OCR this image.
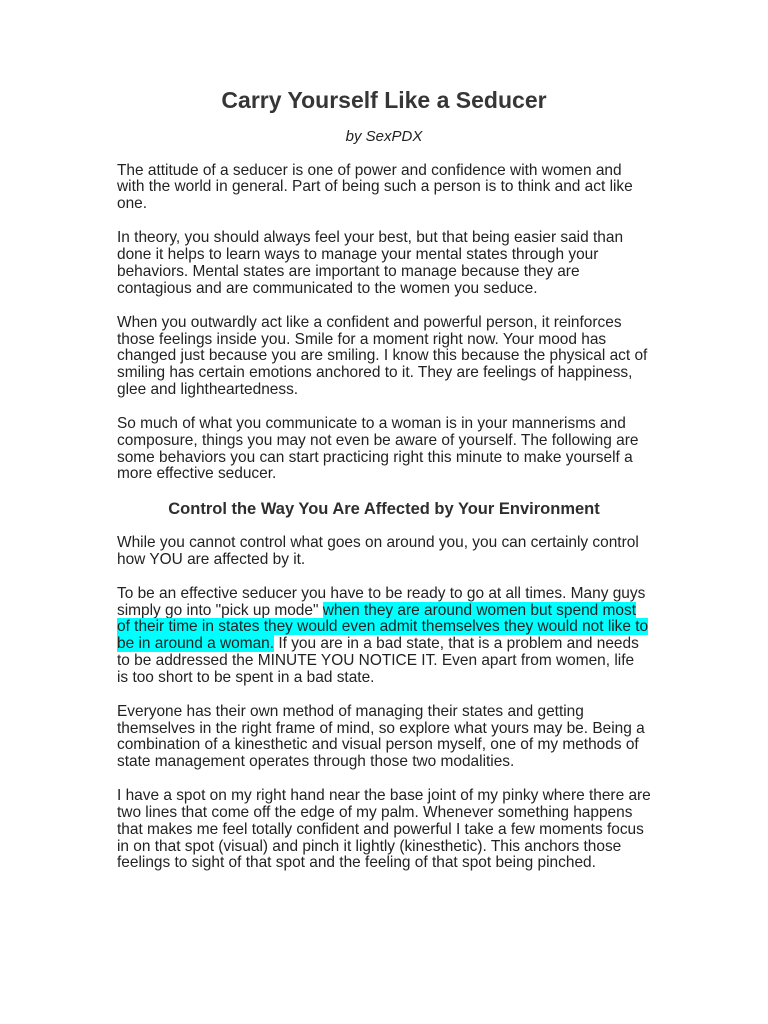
Carry Yourself Like a Seducer
by SexPDX
The attitude of a seducer is one of power and confidence with women and
with the world in general. Part of being such a person is to think and act like
one.
In theory, you should always feel your best, but that being easier said than
done it helps to learn ways to manage your mental states through your
behaviors. Mental states are important to manage because they are
contagious and are communicated to the women you seduce.
When you outwardly act like a confident and powerful person, it reinforces
those feelings inside you. Smile for a moment right now. Your mood has
changed just because you are smiling. I know this because the physical act of
smiling has certain emotions anchored to it. They are feelings of happiness,
glee and lightheartedness.
So much of what you communicate to a woman is in your mannerisms and
composure, things you may not even be aware of yourself. The following are
some behaviors you can start practicing right this minute to make yourself a
more effective seducer.
Control the Way You Are Affected by Your Environment
While you cannot control what goes on around you, you can certainly control
how YOU are affected by it.
To be an effective seducer you have to be ready to go at all times. Many guys
simply go into "pick up mode" when they are around women but spend most
of their time in states they would even admit themselves they would not like to
be in around a woman. If you are in a bad state, that is a problem and needs
to be addressed the MINUTE YOU NOTICE IT. Even apart from women, life
is too short to be spent in a bad state.
Everyone has their own method of managing their states and getting
themselves in the right frame of mind, so explore what yours may be. Being a
combination of a kinesthetic and visual person myself, one of my methods of
state management operates through those two modalities.
I have a spot on my right hand near the base joint of my pinky where there are
two lines that come off the edge of my palm. Whenever something happens
that makes me feel totally confident and powerful I take a few moments focus
in on that spot (visual) and pinch it lightly (kinesthetic). This anchors those
feelings to sight of that spot and the feeling of that spot being pinched.
